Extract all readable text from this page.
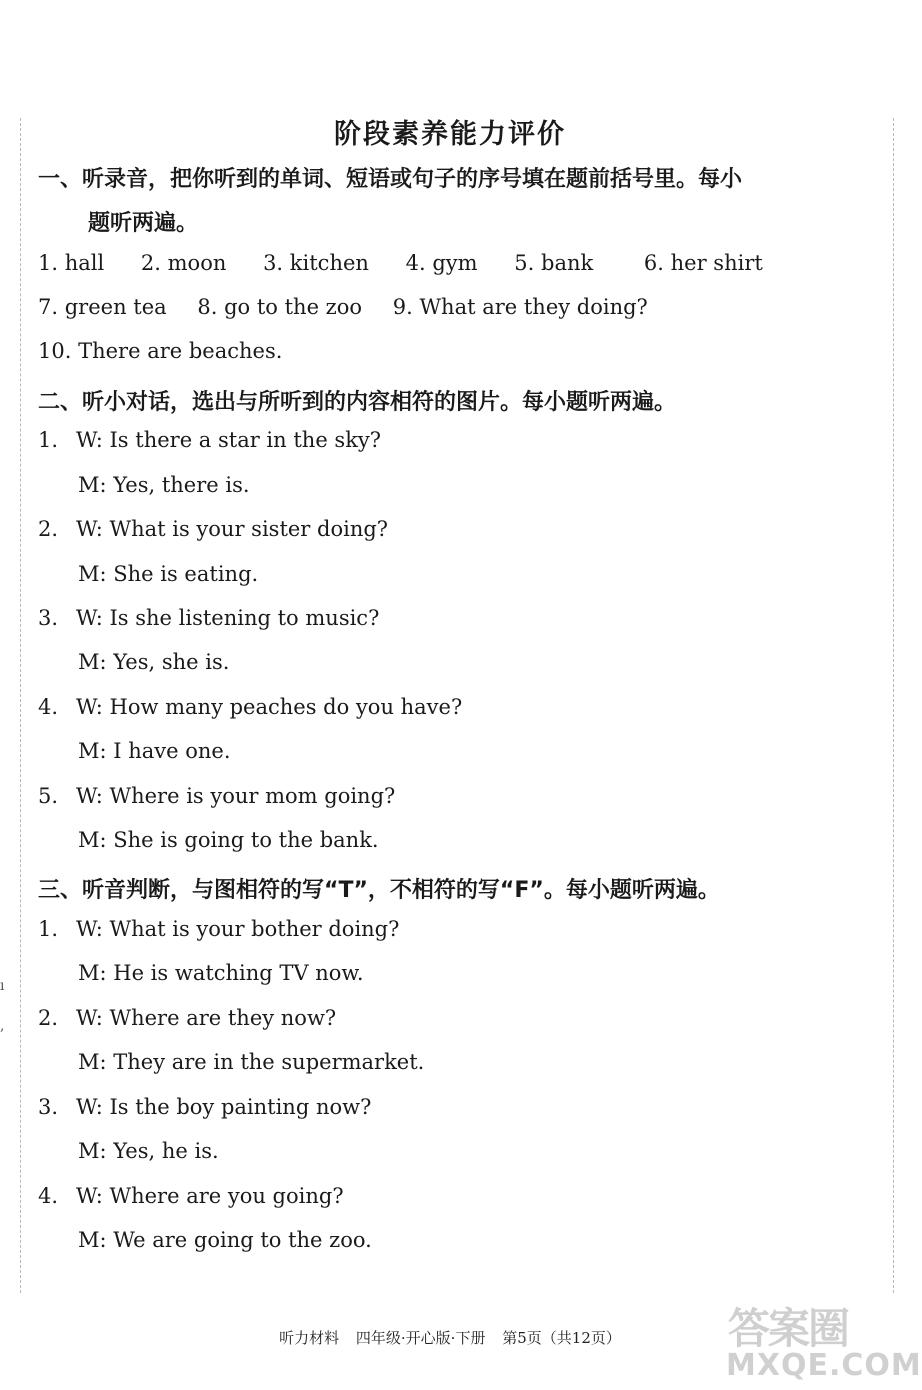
ı
,
阶段素养能力评价
一、听录音，把你听到的单词、短语或句子的序号填在题前括号里。每小
题听两遍。
1. hall 2. moon 3. kitchen 4. gym 5. bank 6. her shirt
7. green tea 8. go to the zoo 9. What are they doing?
10. There are beaches.
二、听小对话，选出与所听到的内容相符的图片。每小题听两遍。
1. W: Is there a star in the sky?
M: Yes, there is.
2. W: What is your sister doing?
M: She is eating.
3. W: Is she listening to music?
M: Yes, she is.
4. W: How many peaches do you have?
M: I have one.
5. W: Where is your mom going?
M: She is going to the bank.
三、听音判断，与图相符的写“T”，不相符的写“F”。每小题听两遍。
1. W: What is your bother doing?
M: He is watching TV now.
2. W: Where are they now?
M: They are in the supermarket.
3. W: Is the boy painting now?
M: Yes, he is.
4. W: Where are you going?
M: We are going to the zoo.
听力材料 四年级·开心版·下册 第5页（共12页）	答案圈
MXQE.COM
